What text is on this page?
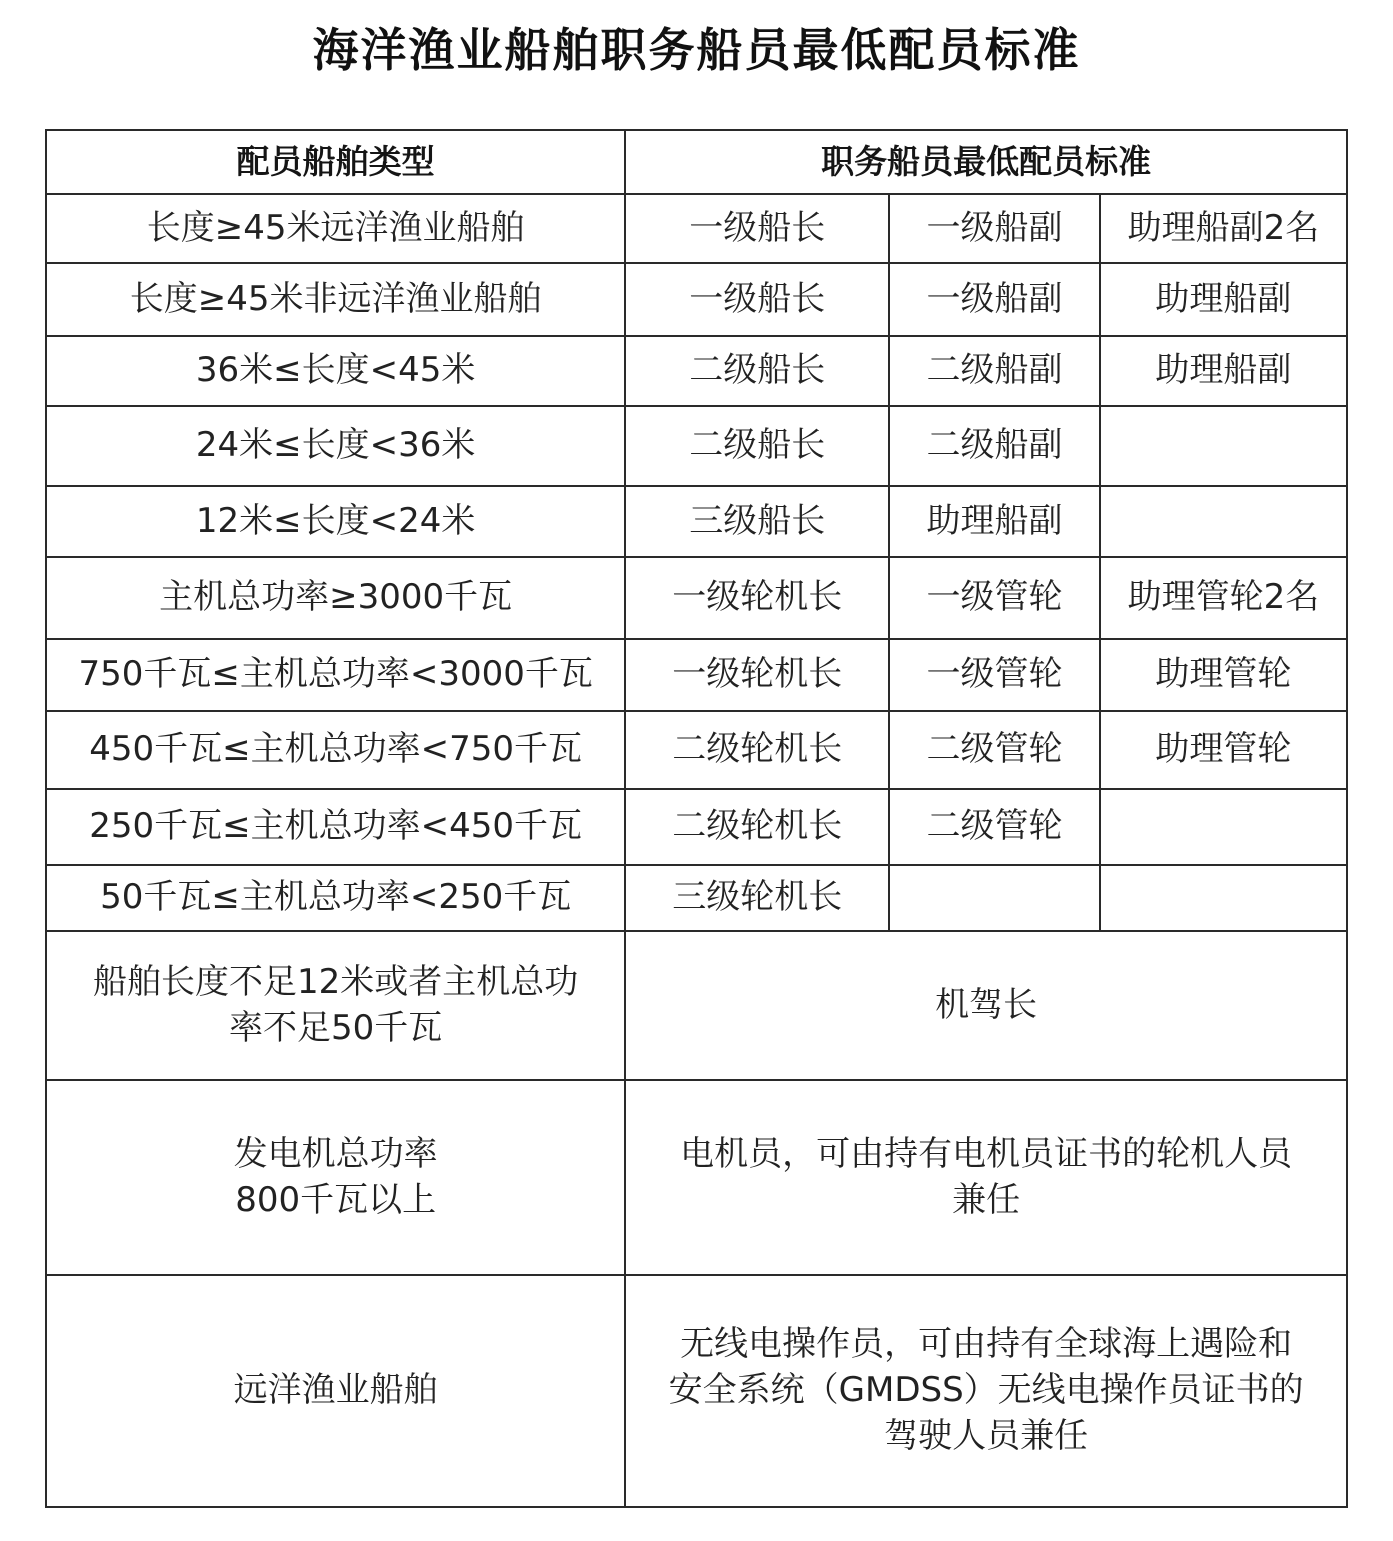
海洋渔业船舶职务船员最低配员标准
配员船舶类型	职务船员最低配员标准		
长度≥45米远洋渔业船舶	一级船长	一级船副	助理船副2名
长度≥45米非远洋渔业船舶	一级船长	一级船副	助理船副
36米≤长度<45米	二级船长	二级船副	助理船副
24米≤长度<36米	二级船长	二级船副	
12米≤长度<24米	三级船长	助理船副	
主机总功率≥3000千瓦	一级轮机长	一级管轮	助理管轮2名
750千瓦≤主机总功率<3000千瓦	一级轮机长	一级管轮	助理管轮
450千瓦≤主机总功率<750千瓦	二级轮机长	二级管轮	助理管轮
250千瓦≤主机总功率<450千瓦	二级轮机长	二级管轮	
50千瓦≤主机总功率<250千瓦	三级轮机长		

船舶长度不足12米或者主机总功
率不足50千瓦	机驾长		

发电机总功率
800千瓦以上	电机员，可由持有电机员证书的轮机人员
兼任		

远洋渔业船舶	无线电操作员，可由持有全球海上遇险和
安全系统（GMDSS）无线电操作员证书的
驾驶人员兼任		
